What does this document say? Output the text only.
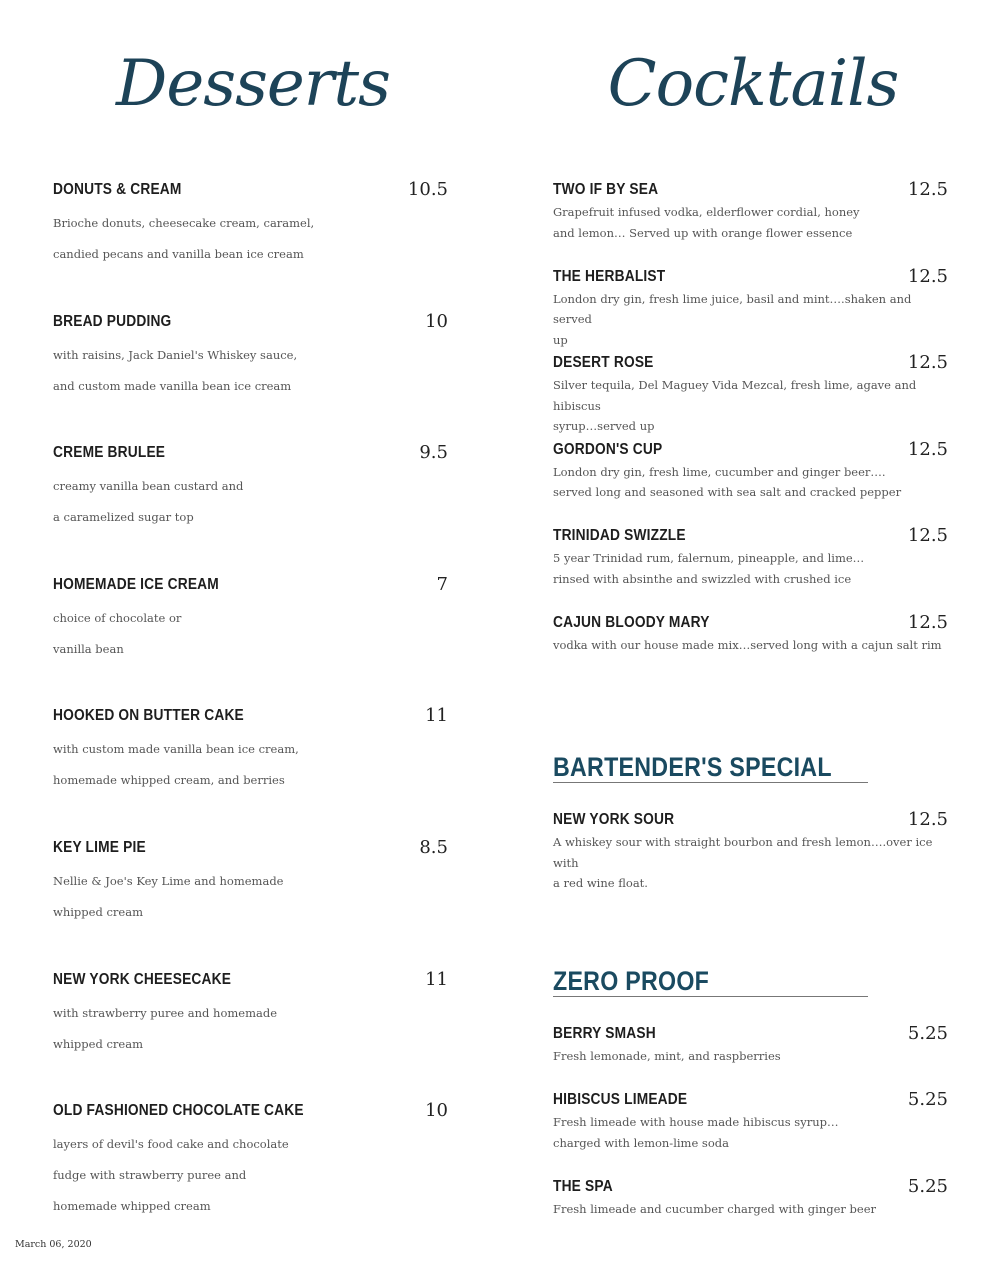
Desserts	Cocktails
DONUTS & CREAM	10.5
Brioche donuts, cheesecake cream, caramel,
candied pecans and vanilla bean ice cream
BREAD PUDDING	10
with raisins, Jack Daniel's Whiskey sauce,
and custom made vanilla bean ice cream
CREME BRULEE	9.5
creamy vanilla bean custard and
a caramelized sugar top
HOMEMADE ICE CREAM	7
choice of chocolate or
vanilla bean
HOOKED ON BUTTER CAKE	11
with custom made vanilla bean ice cream,
homemade whipped cream, and berries
KEY LIME PIE	8.5
Nellie & Joe's Key Lime and homemade
whipped cream
NEW YORK CHEESECAKE	11
with strawberry puree and homemade
whipped cream
OLD FASHIONED CHOCOLATE CAKE	10
layers of devil's food cake and chocolate
fudge with strawberry puree and
homemade whipped cream
TWO IF BY SEA	12.5
Grapefruit infused vodka, elderflower cordial, honey
and lemon… Served up with orange flower essence
THE HERBALIST	12.5
London dry gin, fresh lime juice, basil and mint….shaken and served
up
DESERT ROSE	12.5
Silver tequila, Del Maguey Vida Mezcal, fresh lime, agave and hibiscus
syrup…served up
GORDON'S CUP	12.5
London dry gin, fresh lime, cucumber and ginger beer….
served long and seasoned with sea salt and cracked pepper
TRINIDAD SWIZZLE	12.5
5 year Trinidad rum, falernum, pineapple, and lime…
rinsed with absinthe and swizzled with crushed ice
CAJUN BLOODY MARY	12.5
vodka with our house made mix…served long with a cajun salt rim
BARTENDER'S SPECIAL
NEW YORK SOUR	12.5
A whiskey sour with straight bourbon and fresh lemon….over ice with
a red wine float.
ZERO PROOF
BERRY SMASH	5.25
Fresh lemonade, mint, and raspberries
HIBISCUS LIMEADE	5.25
Fresh limeade with house made hibiscus syrup…
charged with lemon-lime soda
THE SPA	5.25
Fresh limeade and cucumber charged with ginger beer
March 06, 2020
